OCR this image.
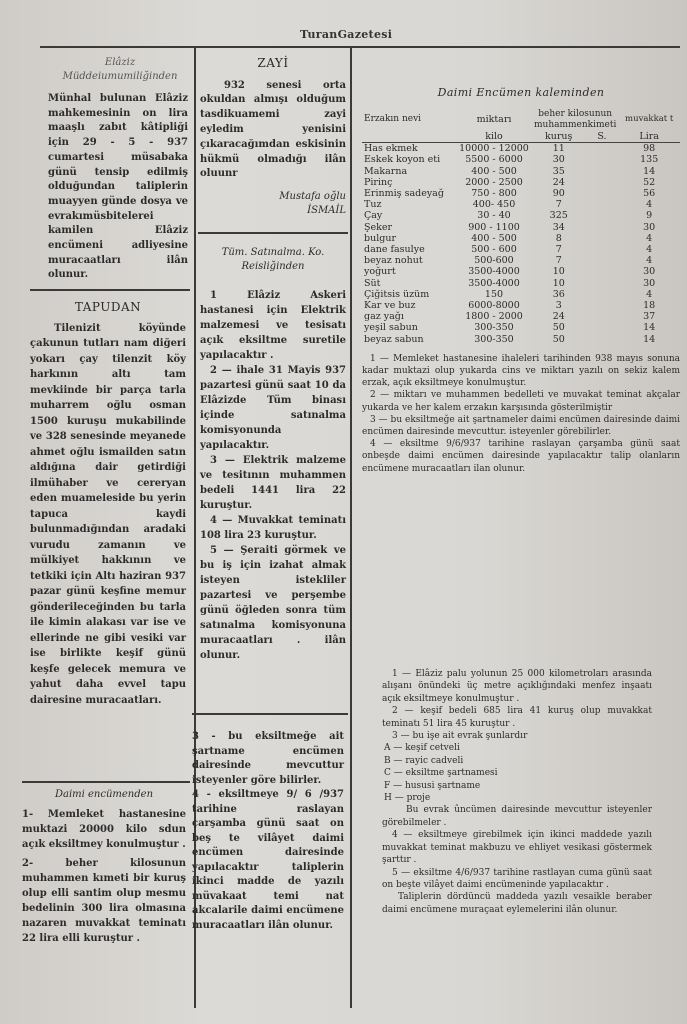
TuranGazetesi

Elâziz Müddeiumumiliğinden

Münhal bulunan Elâziz mahkemesinin on lira maaşlı zabıt kâtipliği için 29 - 5 - 937 cumartesi müsabaka günü tensip edilmiş olduğundan taliplerin muayyen günde dosya ve evrakımüsbitelerei kamilen Elâziz encümeni adliyesine muracaatları ilân olunur.

TAPUDAN

Tilenizit köyünde çakunun tutları nam diğeri yokarı çay tilenzit köy harkının altı tam mevkiinde bir parça tarla muharrem oğlu osman 1500 kuruşu mukabilinde ve 328 senesinde meyanede ahmet oğlu ismailden satın aldığına dair getirdiği ilmühaber ve cereryan eden muameleside bu yerin tapuca kaydi bulunmadığından aradaki vurudu zamanın ve mülkiyet hakkının ve tetkiki için Altı haziran 937 pazar günü keşfine memur gönderileceğinden bu tarla ile kimin alakası var ise ve ellerinde ne gibi vesiki var ise birlikte keşif günü keşfe gelecek memura ve yahut daha evvel tapu dairesine muracaatları.

Daimi encümenden

1- Memleket hastanesine muktazi 20000 kilo sdun açık eksiltmey konulmuştur .

2- beher kilosunun muhammen kımeti bir kuruş olup elli santim olup mesmu bedelinin 300 lira olmasına nazaren muvakkat teminatı 22 lira elli kuruştur .

ZAYİ

932 senesi orta okuldan almışı olduğum tasdikuamemi zayi eyledim yenisini çıkaracağımdan eskisinin hükmü olmadığı ilân oluunr

Mustafa oğlu İSMAİL

Tüm. Satınalma. Ko. Reisliğinden

1 Elâziz Askeri hastanesi için Elektrik malzemesi ve tesisatı açık eksiltme suretile yapılacaktır .

2 — ihale 31 Mayis 937 pazartesi günü saat 10 da Elâzizde Tüm binası içinde satınalma komisyonunda yapılacaktır.

3 — Elektrik malzeme ve tesitının muhammen bedeli 1441 lira 22 kuruştur.

4 — Muvakkat teminatı 108 lira 23 kuruştur.

5 — Şeraiti görmek ve bu iş için izahat almak isteyen istekliler pazartesi ve perşembe günü öğleden sonra tüm satınalma komisyonuna muracaatları . ilân olunur.

3 - bu eksiltmeğe ait şartname encümen dairesinde mevcuttur isteyenler göre bilirler.

4 - eksiltmeye 9/ 6 /937 tarihine raslayan çarşamba günü saat on beş te vilâyet daimi encümen dairesinde yapılacaktır taliplerin ikinci madde de yazılı müvakaat temi nat akcalarile daimi encümene muracaatları ilân olunur.

Daimi Encümen kaleminden

Erzakın nevi	miktarı	beher kilosunun muhammenkimeti		muvakkat t
	kilo	kuruş	S.	Lira
Has ekmek	10000 - 12000	11		98
Eskek koyon eti	5500 - 6000	30		135
Makarna	400 - 500	35		14
Pirinç	2000 - 2500	24		52
Erinmiş sadeyağ	750 - 800	90		56
Tuz	400- 450	7		4
Çay	30 - 40	325		9
Şeker	900 - 1100	34		30
bulgur	400 - 500	8		4
dane fasulye	500 - 600	7		4
beyaz nohut	500-600	7		4
yoğurt	3500-4000	10		30
Süt	3500-4000	10		30
Çiğitsis üzüm	150	36		4
Kar ve buz	6000-8000	3		18
gaz yağı	1800 - 2000	24		37
yeşil sabun	300-350	50		14
beyaz sabun	300-350	50		14

1 — Memleket hastanesine ihaleleri tarihinden 938 mayıs sonuna kadar muktazi olup yukarda cins ve miktarı yazılı on sekiz kalem erzak, açık eksiltmeye konulmuştur.

2 — miktarı ve muhammen bedelleti ve muvakat teminat akçalar yukarda ve her kalem erzakın karşısında gösterilmiştir

3 — bu eksiltmeğe ait şartnameler daimi encümen dairesinde daimi encümen dairesinde mevcuttur. isteyenler görebilirler.

4 — eksiltme 9/6/937 tarihine raslayan çarşamba günü saat onbeşde daimi encümen dairesinde yapılacaktır talip olanların encümene muracaatları ilan olunur.

1 — Elâziz palu yolunun 25 000 kilometroları arasında alışanı önündeki üç metre açıklığındaki menfez inşaatı açık eksiltmeye konulmuştur .

2 — keşif bedeli 685 lira 41 kuruş olup muvakkat teminatı 51 lira 45 kuruştur .

3 — bu işe ait evrak şunlardır

A — keşif cetveli

B — rayic cadveli

C — eksiltme şartnamesi

F — hususi şartname

H — proje

Bu evrak ûncümen dairesinde mevcuttur isteyenler görebilmeler .

4 — eksiltmeye girebilmek için ikinci maddede yazılı muvakkat teminat makbuzu ve ehliyet vesikasi göstermek şarttır .

5 — eksiltme 4/6/937 tarihine rastlayan cuma günü saat on beşte vilâyet daimi encümeninde yapılacaktır .

Taliplerin dördüncü maddeda yazılı vesaikle beraber daimi encümene muraçaat eylemelerini ilân olunur.
